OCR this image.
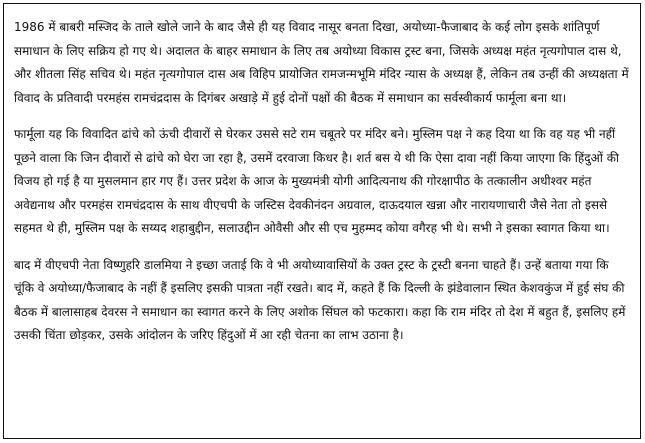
1986 में बाबरी मस्जिद के ताले खोले जाने के बाद जैसे ही यह विवाद नासूर बनता दिखा, अयोध्या-फैजाबाद के कई लोग इसके शांतिपूर्ण समाधान के लिए सक्रिय हो गए थे। अदालत के बाहर समाधान के लिए तब अयोध्या विकास ट्रस्ट बना, जिसके अध्यक्ष महंत नृत्यगोपाल दास थे, और शीतला सिंह सचिव थे। महंत नृत्यगोपाल दास अब विहिप प्रायोजित रामजन्मभूमि मंदिर न्यास के अध्यक्ष हैं, लेकिन तब उन्हीं की अध्यक्षता में विवाद के प्रतिवादी परमहंस रामचंद्रदास के दिगंबर अखाड़े में हुई दोनों पक्षों की बैठक में समाधान का सर्वस्वीकार्य फार्मूला बना था।

फार्मूला यह कि विवादित ढांचे को ऊंची दीवारों से घेरकर उससे सटे राम चबूतरे पर मंदिर बने। मुस्लिम पक्ष ने कह दिया था कि वह यह भी नहीं पूछने वाला कि जिन दीवारों से ढांचे को घेरा जा रहा है, उसमें दरवाजा किधर है। शर्त बस ये थी कि ऐसा दावा नहीं किया जाएगा कि हिंदुओं की विजय हो गई है या मुसलमान हार गए हैं। उत्तर प्रदेश के आज के मुख्यमंत्री योगी आदित्यनाथ की गोरक्षापीठ के तत्कालीन अधीश्वर महंत अवेद्यनाथ और परमहंस रामचंद्रदास के साथ वीएचपी के जस्टिस देवकीनंदन अग्रवाल, दाऊदयाल खन्ना और नारायणाचारी जैसे नेता तो इससे सहमत थे ही, मुस्लिम पक्ष के सय्यद शहाबुद्दीन, सलाउद्दीन ओवैसी और सी एच मुहम्मद कोया वगैरह भी थे। सभी ने इसका स्वागत किया था।

बाद में वीएचपी नेता विष्णुहरि डालमिया ने इच्छा जताई कि वे भी अयोध्यावासियों के उक्त ट्रस्ट के ट्रस्टी बनना चाहते हैं। उन्हें बताया गया कि चूंकि वे अयोध्या/फैजाबाद के नहीं हैं इसलिए इसकी पात्रता नहीं रखते। बाद में, कहते हैं कि दिल्ली के झंडेवालान स्थित केशवकुंज में हुई संघ की बैठक में बालासाहब देवरस ने समाधान का स्वागत करने के लिए अशोक सिंघल को फटकारा। कहा कि राम मंदिर तो देश में बहुत हैं, इसलिए हमें उसकी चिंता छोड़कर, उसके आंदोलन के जरिए हिंदुओं में आ रही चेतना का लाभ उठाना है।
